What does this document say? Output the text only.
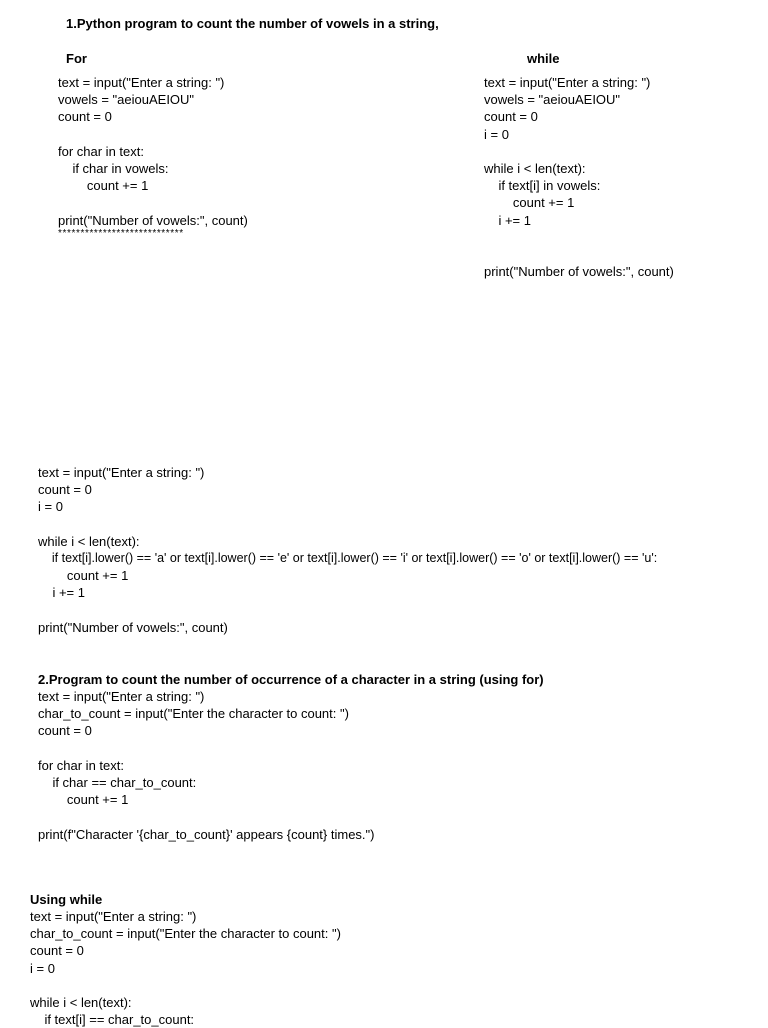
1.Python program to count the number of vowels in a string,
For	while
text = input("Enter a string: ")
vowels = "aeiouAEIOU"
count = 0
for char in text:
if char in vowels:
count += 1
print("Number of vowels:", count)
****************************
text = input("Enter a string: ")
vowels = "aeiouAEIOU"
count = 0
i = 0
while i < len(text):
if text[i] in vowels:
count += 1
i += 1
print("Number of vowels:", count)
text = input("Enter a string: ")
count = 0
i = 0
while i < len(text):
if text[i].lower() == 'a' or text[i].lower() == 'e' or text[i].lower() == 'i' or text[i].lower() == 'o' or text[i].lower() == 'u':
count += 1
i += 1
print("Number of vowels:", count)
2.Program to count the number of occurrence of a character in a string (using for)
text = input("Enter a string: ")
char_to_count = input("Enter the character to count: ")
count = 0
for char in text:
if char == char_to_count:
count += 1
print(f"Character '{char_to_count}' appears {count} times.")
Using while
text = input("Enter a string: ")
char_to_count = input("Enter the character to count: ")
count = 0
i = 0
while i < len(text):
if text[i] == char_to_count:
